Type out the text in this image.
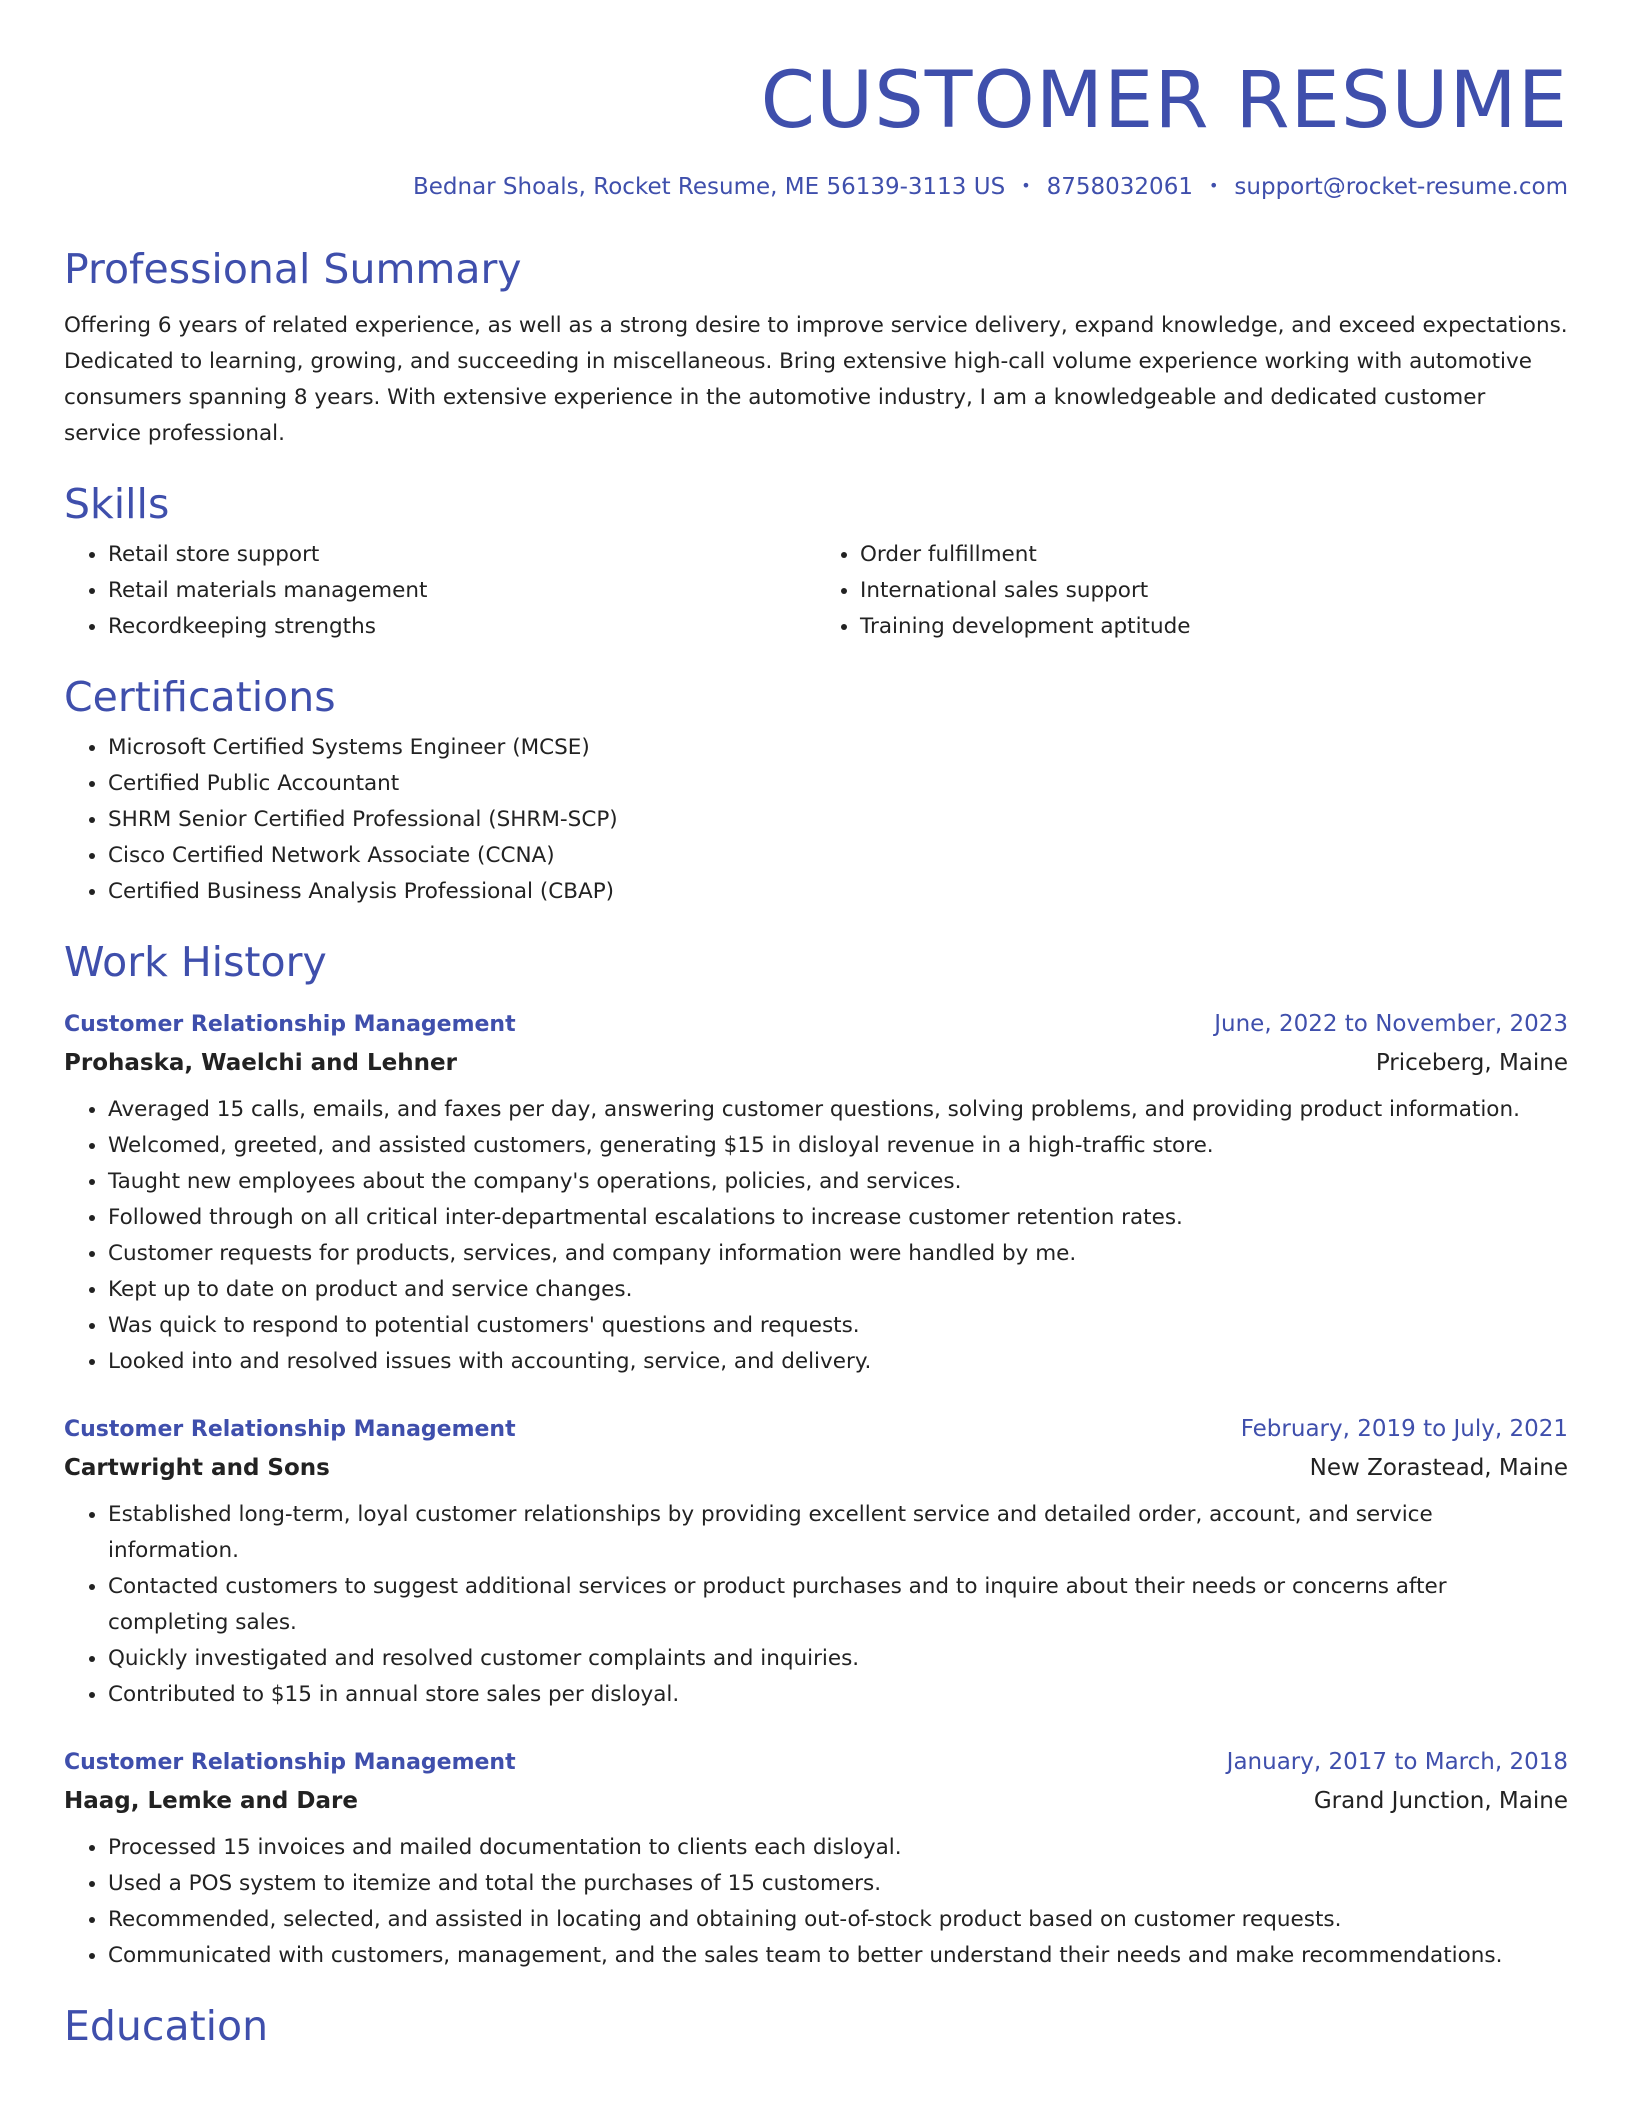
CUSTOMER RESUME
Bednar Shoals, Rocket Resume, ME 56139-3113 US • 8758032061 • support@rocket-resume.com
Professional Summary

Offering 6 years of related experience, as well as a strong desire to improve service delivery, expand knowledge, and exceed expectations. Dedicated to learning, growing, and succeeding in miscellaneous. Bring extensive high-call volume experience working with automotive consumers spanning 8 years. With extensive experience in the automotive industry, I am a knowledgeable and dedicated customer service professional.

Skills
• Retail store support
• Retail materials management
• Recordkeeping strengths
• Order fulfillment
• International sales support
• Training development aptitude
Certifications
• Microsoft Certified Systems Engineer (MCSE)
• Certified Public Accountant
• SHRM Senior Certified Professional (SHRM-SCP)
• Cisco Certified Network Associate (CCNA)
• Certified Business Analysis Professional (CBAP)
Work History
Customer Relationship Management	June, 2022 to November, 2023
Prohaska, Waelchi and Lehner	Priceberg, Maine
• Averaged 15 calls, emails, and faxes per day, answering customer questions, solving problems, and providing product information.
• Welcomed, greeted, and assisted customers, generating $15 in disloyal revenue in a high-traffic store.
• Taught new employees about the company's operations, policies, and services.
• Followed through on all critical inter-departmental escalations to increase customer retention rates.
• Customer requests for products, services, and company information were handled by me.
• Kept up to date on product and service changes.
• Was quick to respond to potential customers' questions and requests.
• Looked into and resolved issues with accounting, service, and delivery.
Customer Relationship Management	February, 2019 to July, 2021
Cartwright and Sons	New Zorastead, Maine
• Established long-term, loyal customer relationships by providing excellent service and detailed order, account, and service information.
• Contacted customers to suggest additional services or product purchases and to inquire about their needs or concerns after completing sales.
• Quickly investigated and resolved customer complaints and inquiries.
• Contributed to $15 in annual store sales per disloyal.
Customer Relationship Management	January, 2017 to March, 2018
Haag, Lemke and Dare	Grand Junction, Maine
• Processed 15 invoices and mailed documentation to clients each disloyal.
• Used a POS system to itemize and total the purchases of 15 customers.
• Recommended, selected, and assisted in locating and obtaining out-of-stock product based on customer requests.
• Communicated with customers, management, and the sales team to better understand their needs and make recommendations.
Education
